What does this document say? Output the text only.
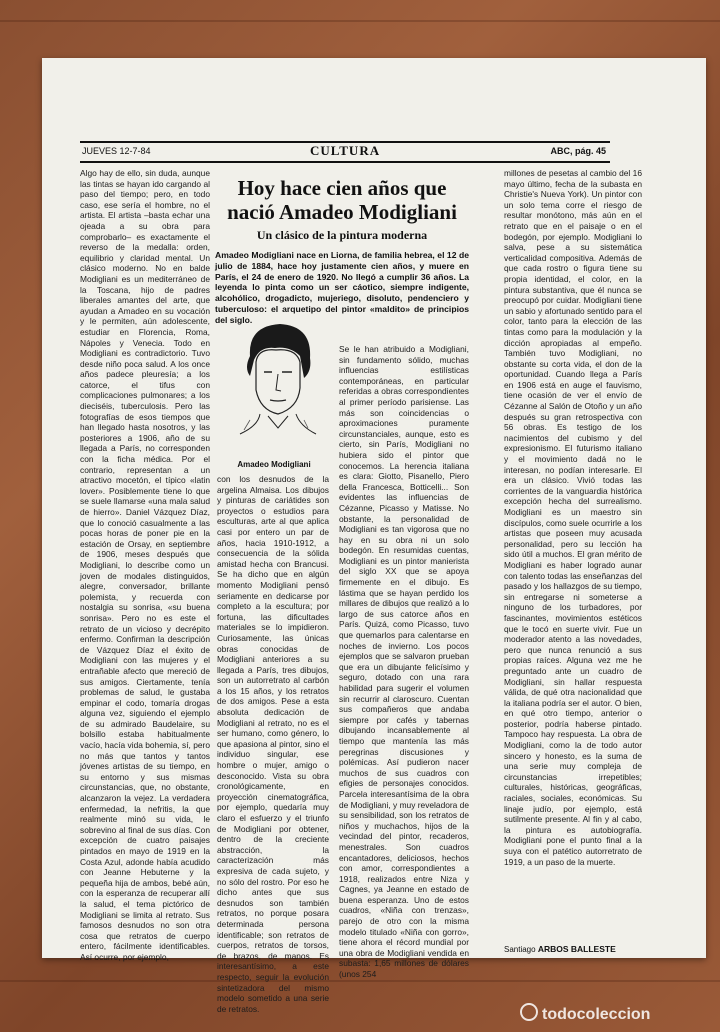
JUEVES 12-7-84	CULTURA	ABC, pág. 45
Algo hay de ello, sin duda, aunque las tintas se hayan ido cargando al paso del tiempo; pero, en todo caso, ese sería el hombre, no el artista. El artista –basta echar una ojeada a su obra para comprobarlo– es exactamente el reverso de la medalla: orden, equilibrio y claridad mental. Un clásico moderno. No en balde Modigliani es un mediterráneo de la Toscana, hijo de padres liberales amantes del arte, que ayudan a Amadeo en su vocación y le permiten, aún adolescente, estudiar en Florencia, Roma, Nápoles y Venecia. Todo en Modigliani es contradictorio. Tuvo desde niño poca salud. A los once años padece pleuresía; a los catorce, el tifus con complicaciones pulmonares; a los dieciséis, tuberculosis. Pero las fotografías de esos tiempos que han llegado hasta nosotros, y las posteriores a 1906, año de su llegada a París, no corresponden con la ficha médica. Por el contrario, representan a un atractivo mocetón, el típico «latin lover». Posiblemente tiene lo que se suele llamarse «una mala salud de hierro». Daniel Vázquez Díaz, que lo conoció casualmente a las pocas horas de poner pie en la estación de Orsay, en septiembre de 1906, meses después que Modigliani, lo describe como un joven de modales distinguidos, alegre, conversador, brillante polemista, y recuerda con nostalgia su sonrisa, «su buena sonrisa». Pero no es este el retrato de un vicioso y decrépito enfermo. Confirman la descripción de Vázquez Díaz el éxito de Modigliani con las mujeres y el entrañable afecto que mereció de sus amigos. Ciertamente, tenía problemas de salud, le gustaba empinar el codo, tomaría drogas alguna vez, siguiendo el ejemplo de su admirado Baudelaire, su bolsillo estaba habitualmente vacío, hacía vida bohemia, sí, pero no más que tantos y tantos jóvenes artistas de su tiempo, en su entorno y sus mismas circunstancias, que, no obstante, alcanzaron la vejez. La verdadera enfermedad, la nefritis, la que realmente minó su vida, le sobrevino al final de sus días. Con excepción de cuatro paisajes pintados en mayo de 1919 en la Costa Azul, adonde había acudido con Jeanne Hebuterne y la pequeña hija de ambos, bebé aún, con la esperanza de recuperar allí la salud, el tema pictórico de Modigliani se limita al retrato. Sus famosos desnudos no son otra cosa que retratos de cuerpo entero, fácilmente identificables. Así ocurre, por ejemplo,
Hoy hace cien años que nació Amadeo Modigliani
Un clásico de la pintura moderna
Amadeo Modigliani nace en Liorna, de familia hebrea, el 12 de julio de 1884, hace hoy justamente cien años, y muere en París, el 24 de enero de 1920. No llegó a cumplir 36 años. La leyenda lo pinta como un ser cáotico, siempre indigente, alcohólico, drogadicto, mujeriego, disoluto, pendenciero y tuberculoso: el arquetipo del pintor «maldito» de principios del siglo.
Amadeo Modigliani
con los desnudos de la argelina Almaisa. Los dibujos y pinturas de cariátides son proyectos o estudios para esculturas, arte al que aplica casi por entero un par de años, hacia 1910-1912, a consecuencia de la sólida amistad hecha con Brancusi. Se ha dicho que en algún momento Modigliani pensó seriamente en dedicarse por completo a la escultura; por fortuna, las dificultades materiales se lo impidieron. Curiosamente, las únicas obras conocidas de Modigliani anteriores a su llegada a París, tres dibujos, son un autorretrato al carbón a los 15 años, y los retratos de dos amigos. Pese a esta absoluta dedicación de Modigliani al retrato, no es el ser humano, como género, lo que apasiona al pintor, sino el individuo singular, ese hombre o mujer, amigo o desconocido. Vista su obra cronológicamente, en proyección cinematográfica, por ejemplo, quedaría muy claro el esfuerzo y el triunfo de Modigliani por obtener, dentro de la creciente abstracción, la caracterización más expresiva de cada sujeto, y no sólo del rostro. Por eso he dicho antes que sus desnudos son también retratos, no porque posara determinada persona identificable; son retratos de cuerpos, retratos de torsos, de brazos, de manos. Es interesantísimo, a este respecto, seguir la evolución sintetizadora del mismo modelo sometido a una serie de retratos.
Se le han atribuido a Modigliani, sin fundamento sólido, muchas influencias estilísticas contemporáneas, en particular referidas a obras correspondientes al primer período parisiense. Las más son coincidencias o aproximaciones puramente circunstanciales, aunque, esto es cierto, sin París, Modigliani no hubiera sido el pintor que conocemos. La herencia italiana es clara: Giotto, Pisanello, Piero della Francesca, Botticelli... Son evidentes las influencias de Cézanne, Picasso y Matisse. No obstante, la personalidad de Modigliani es tan vigorosa que no hay en su obra ni un solo bodegón. En resumidas cuentas, Modigliani es un pintor manierista del siglo XX que se apoya firmemente en el dibujo. Es lástima que se hayan perdido los millares de dibujos que realizó a lo largo de sus catorce años en París. Quizá, como Picasso, tuvo que quemarlos para calentarse en noches de invierno. Los pocos ejemplos que se salvaron prueban que era un dibujante felicísimo y seguro, dotado con una rara habilidad para sugerir el volumen sin recurrir al claroscuro. Cuentan sus compañeros que andaba siempre por cafés y tabernas dibujando incansablemente al tiempo que mantenía las más peregrinas discusiones y polémicas. Así pudieron nacer muchos de sus cuadros con efigies de personajes conocidos. Parcela interesantísima de la obra de Modigliani, y muy reveladora de su sensibilidad, son los retratos de niños y muchachos, hijos de la vecindad del pintor, recaderos, menestrales. Son cuadros encantadores, deliciosos, hechos con amor, correspondientes a 1918, realizados entre Niza y Cagnes, ya Jeanne en estado de buena esperanza. Uno de estos cuadros, «Niña con trenzas», parejo de otro con la misma modelo titulado «Niña con gorro», tiene ahora el récord mundial por una obra de Modigliani vendida en subasta: 1,65 millones de dólares (unos 254
millones de pesetas al cambio del 16 mayo último, fecha de la subasta en Christie's Nueva York). Un pintor con un solo tema corre el riesgo de resultar monótono, más aún en el retrato que en el paisaje o en el bodegón, por ejemplo. Modigliani lo salva, pese a su sistemática verticalidad compositiva. Además de que cada rostro o figura tiene su propia identidad, el color, en la pintura substantiva, que él nunca se preocupó por cuidar. Modigliani tiene un sabio y afortunado sentido para el color, tanto para la elección de las tintas como para la modulación y la dicción apropiadas al empeño. También tuvo Modigliani, no obstante su corta vida, el don de la oportunidad. Cuando llega a París en 1906 está en auge el fauvismo, tiene ocasión de ver el envío de Cézanne al Salón de Otoño y un año después su gran retrospectiva con 56 obras. Es testigo de los nacimientos del cubismo y del expresionismo. El futurismo italiano y el movimiento dadá no le interesan, no podían interesarle. El era un clásico. Vivió todas las corrientes de la vanguardia histórica excepción hecha del surrealismo. Modigliani es un maestro sin discípulos, como suele ocurrirle a los artistas que poseen muy acusada personalidad, pero su lección ha sido útil a muchos. El gran mérito de Modigliani es haber logrado aunar con talento todas las enseñanzas del pasado y los hallazgos de su tiempo, sin entregarse ni someterse a ninguno de los turbadores, por fascinantes, movimientos estéticos que le tocó en suerte vivir. Fue un moderador atento a las novedades, pero que nunca renunció a sus propias raíces. Alguna vez me he preguntado ante un cuadro de Modigliani, sin hallar respuesta válida, de qué otra nacionalidad que la italiana podría ser el autor. O bien, en qué otro tiempo, anterior o posterior, podría haberse pintado. Tampoco hay respuesta. La obra de Modigliani, como la de todo autor sincero y honesto, es la suma de una serie muy compleja de circunstancias irrepetibles; culturales, históricas, geográficas, raciales, sociales, económicas. Su linaje judío, por ejemplo, está sutilmente presente. Al fin y al cabo, la pintura es autobiografía. Modigliani pone el punto final a la suya con el patético autorretrato de 1919, a un paso de la muerte.
Santiago ARBOS BALLESTE
todocoleccion
